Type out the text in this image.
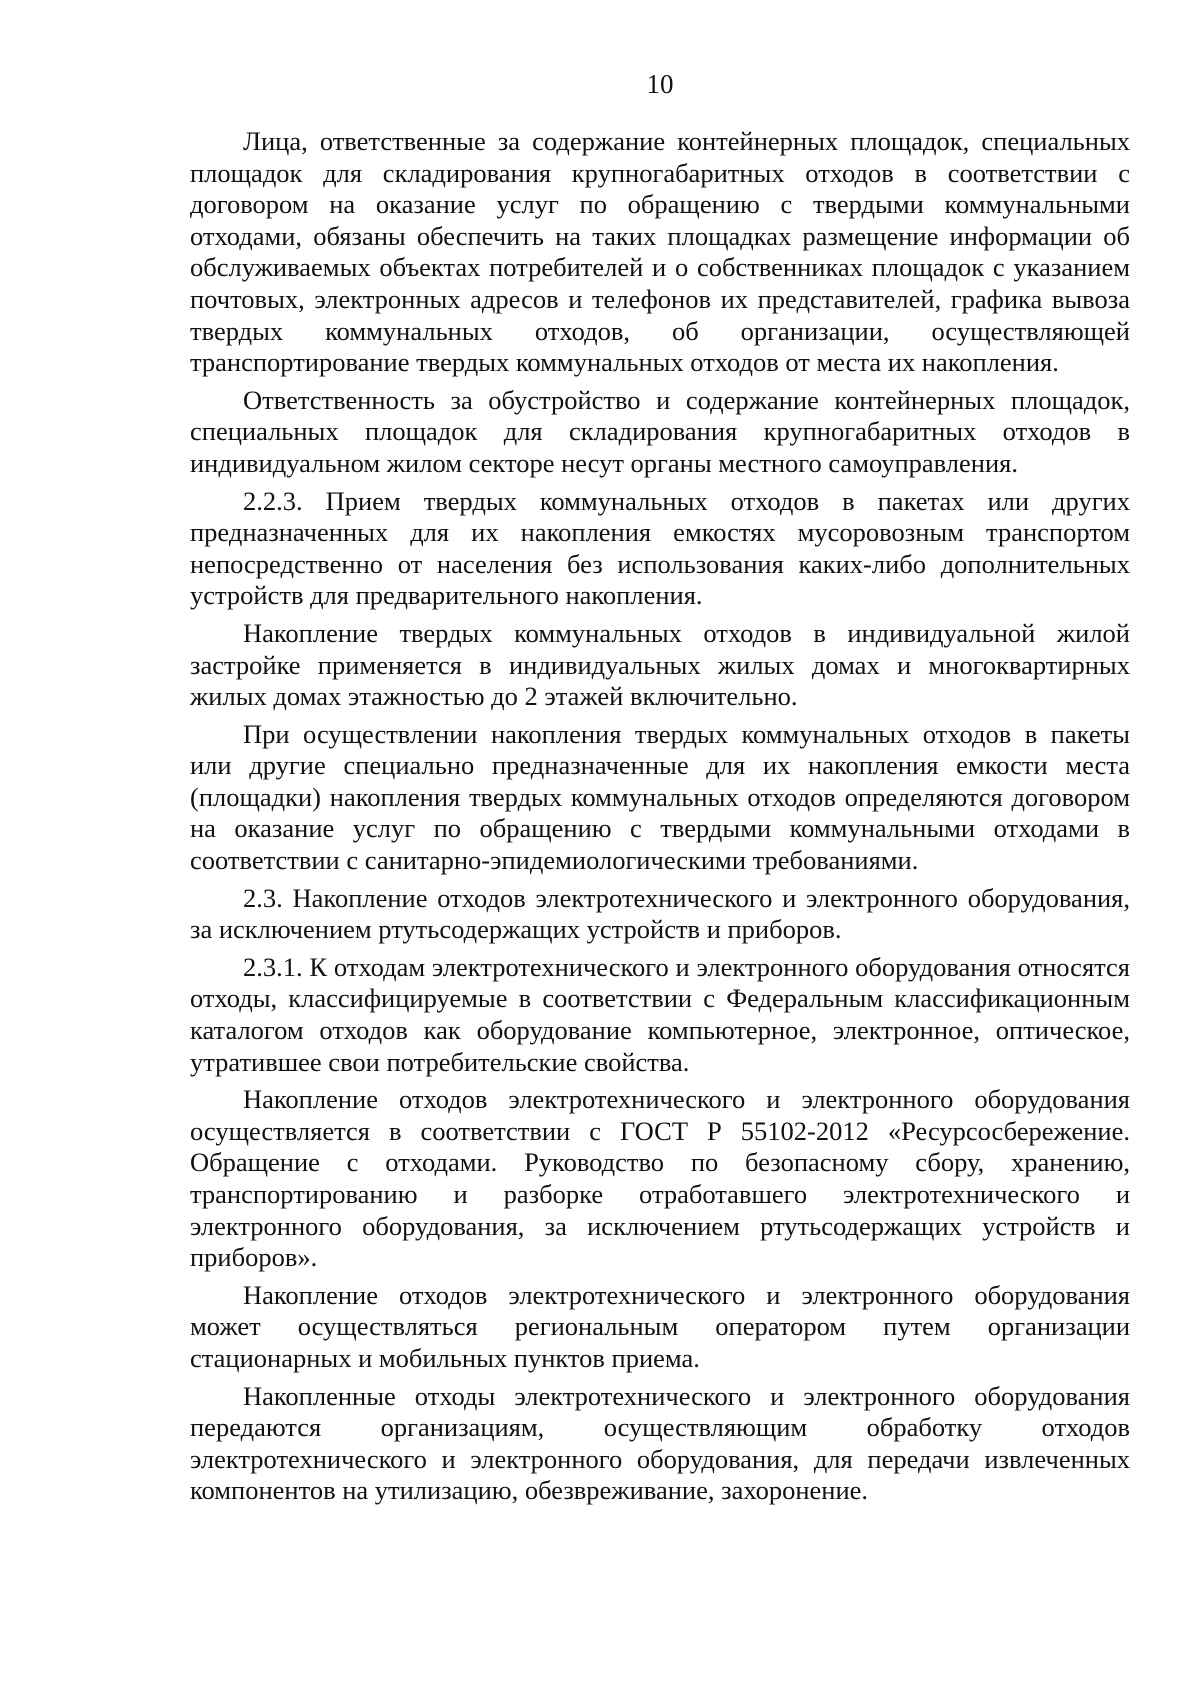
10

Лица, ответственные за содержание контейнерных площадок, специальных площадок для складирования крупногабаритных отходов в соответствии с договором на оказание услуг по обращению с твердыми коммунальными отходами, обязаны обеспечить на таких площадках размещение информации об обслуживаемых объектах потребителей и о собственниках площадок с указанием почтовых, электронных адресов и телефонов их представителей, графика вывоза твердых коммунальных отходов, об организации, осуществляющей транспортирование твердых коммунальных отходов от места их накопления.

Ответственность за обустройство и содержание контейнерных площадок, специальных площадок для складирования крупногабаритных отходов в индивидуальном жилом секторе несут органы местного самоуправления.

2.2.3. Прием твердых коммунальных отходов в пакетах или других предназначенных для их накопления емкостях мусоровозным транспортом непосредственно от населения без использования каких-либо дополнительных устройств для предварительного накопления.

Накопление твердых коммунальных отходов в индивидуальной жилой застройке применяется в индивидуальных жилых домах и многоквартирных жилых домах этажностью до 2 этажей включительно.

При осуществлении накопления твердых коммунальных отходов в пакеты или другие специально предназначенные для их накопления емкости места (площадки) накопления твердых коммунальных отходов определяются договором на оказание услуг по обращению с твердыми коммунальными отходами в соответствии с санитарно-эпидемиологическими требованиями.

2.3. Накопление отходов электротехнического и электронного оборудования, за исключением ртутьсодержащих устройств и приборов.

2.3.1. К отходам электротехнического и электронного оборудования относятся отходы, классифицируемые в соответствии с Федеральным классификационным каталогом отходов как оборудование компьютерное, электронное, оптическое, утратившее свои потребительские свойства.

Накопление отходов электротехнического и электронного оборудования осуществляется в соответствии с ГОСТ Р 55102-2012 «Ресурсосбережение. Обращение с отходами. Руководство по безопасному сбору, хранению, транспортированию и разборке отработавшего электротехнического и электронного оборудования, за исключением ртутьсодержащих устройств и приборов».

Накопление отходов электротехнического и электронного оборудования может осуществляться региональным оператором путем организации стационарных и мобильных пунктов приема.

Накопленные отходы электротехнического и электронного оборудования передаются организациям, осуществляющим обработку отходов электротехнического и электронного оборудования, для передачи извлеченных компонентов на утилизацию, обезвреживание, захоронение.
